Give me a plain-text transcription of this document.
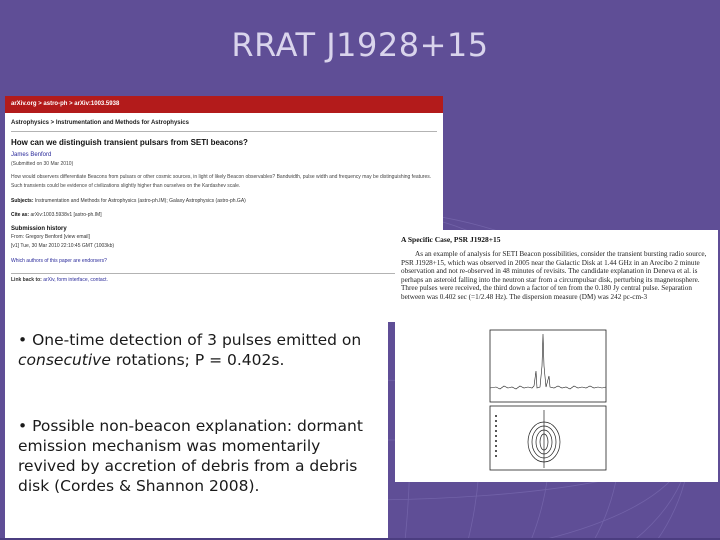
RRAT J1928+15
arXiv.org > astro-ph > arXiv:1003.5938
Astrophysics > Instrumentation and Methods for Astrophysics
How can we distinguish transient pulsars from SETI beacons?
James Benford
(Submitted on 30 Mar 2010)
How would observers differentiate Beacons from pulsars or other cosmic sources, in light of likely Beacon observables? Bandwidth, pulse width and frequency may be distinguishing features. Such transients could be evidence of civilizations slightly higher than ourselves on the Kardashev scale.
Subjects: Instrumentation and Methods for Astrophysics (astro-ph.IM); Galaxy Astrophysics (astro-ph.GA)
Cite as: arXiv:1003.5938v1 [astro-ph.IM]
Submission history
From: Gregory Benford [view email]
[v1] Tue, 30 Mar 2010 22:10:45 GMT (1003kb)
Which authors of this paper are endorsers?
Link back to: arXiv, form interface, contact.
• One-time detection of 3 pulses emitted on consecutive rotations; P = 0.402s.
• Possible non-beacon explanation: dormant emission mechanism was momentarily revived by accretion of debris from a debris disk (Cordes & Shannon 2008).
A Specific Case, PSR J1928+15
As an example of analysis for SETI Beacon possibilities, consider the transient bursting radio source, PSR J1928+15, which was observed in 2005 near the Galactic Disk at 1.44 GHz in an Arecibo 2 minute observation and not re-observed in 48 minutes of revisits. The candidate explanation in Deneva et al. is perhaps an asteroid falling into the neutron star from a circumpulsar disk, perturbing its magnetosphere. Three pulses were received, the third down a factor of ten from the 0.180 Jy central pulse. Separation between was 0.402 sec (=1/2.48 Hz). The dispersion measure (DM) was 242 pc-cm-3
